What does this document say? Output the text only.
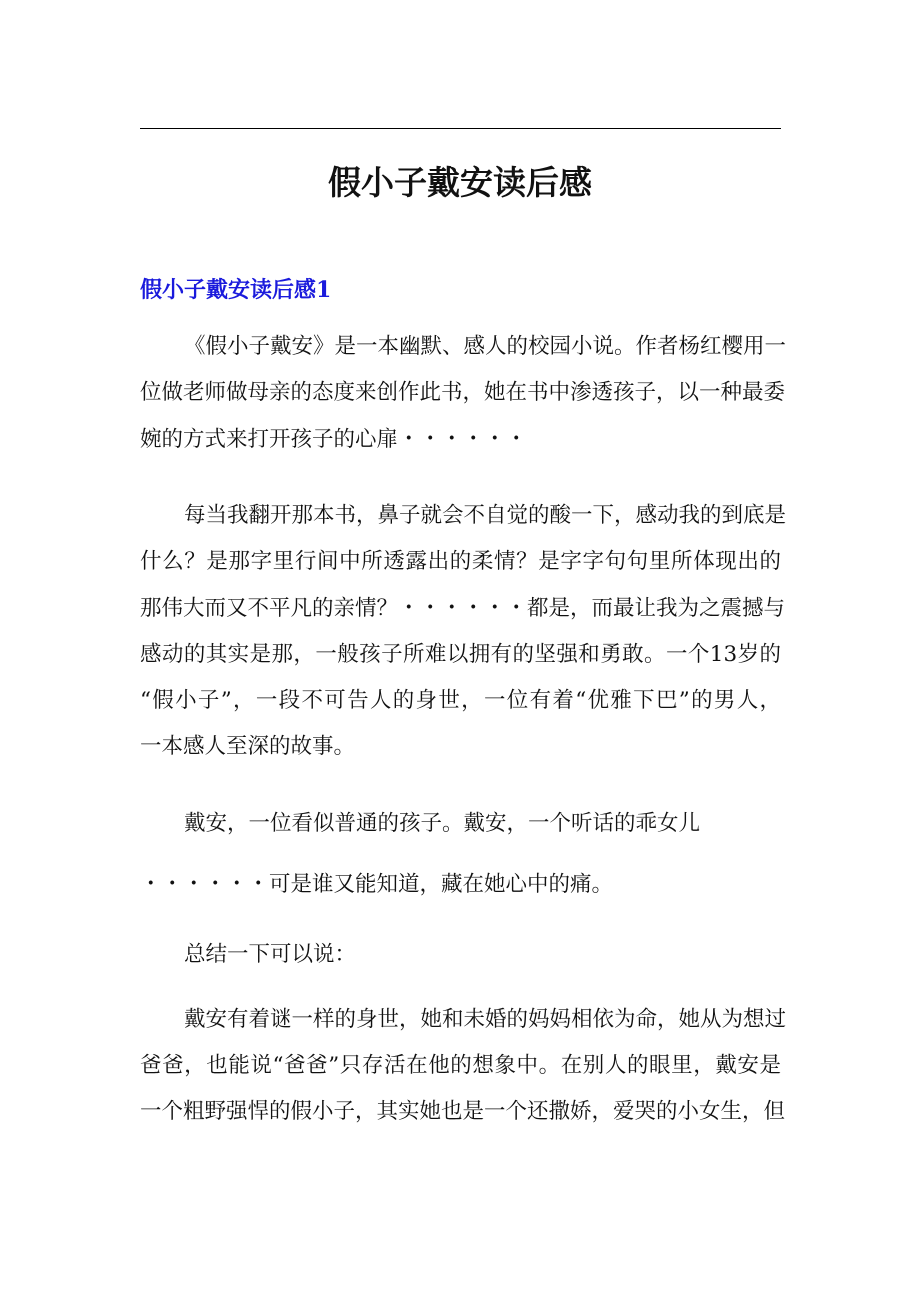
假小子戴安读后感
假小子戴安读后感1
《假小子戴安》是一本幽默、感人的校园小说。作者杨红樱用一
位做老师做母亲的态度来创作此书，她在书中渗透孩子，以一种最委
婉的方式来打开孩子的心扉・・・・・・
每当我翻开那本书，鼻子就会不自觉的酸一下，感动我的到底是
什么？是那字里行间中所透露出的柔情？是字字句句里所体现出的
那伟大而又不平凡的亲情？・・・・・・都是，而最让我为之震撼与
感动的其实是那，一般孩子所难以拥有的坚强和勇敢。一个13岁的
“假小子”，一段不可告人的身世，一位有着“优雅下巴”的男人，
一本感人至深的故事。
戴安，一位看似普通的孩子。戴安，一个听话的乖女儿
・・・・・・可是谁又能知道，藏在她心中的痛。
总结一下可以说：
戴安有着谜一样的身世，她和未婚的妈妈相依为命，她从为想过
爸爸，也能说“爸爸”只存活在他的想象中。在别人的眼里，戴安是
一个粗野强悍的假小子，其实她也是一个还撒娇，爱哭的小女生，但
